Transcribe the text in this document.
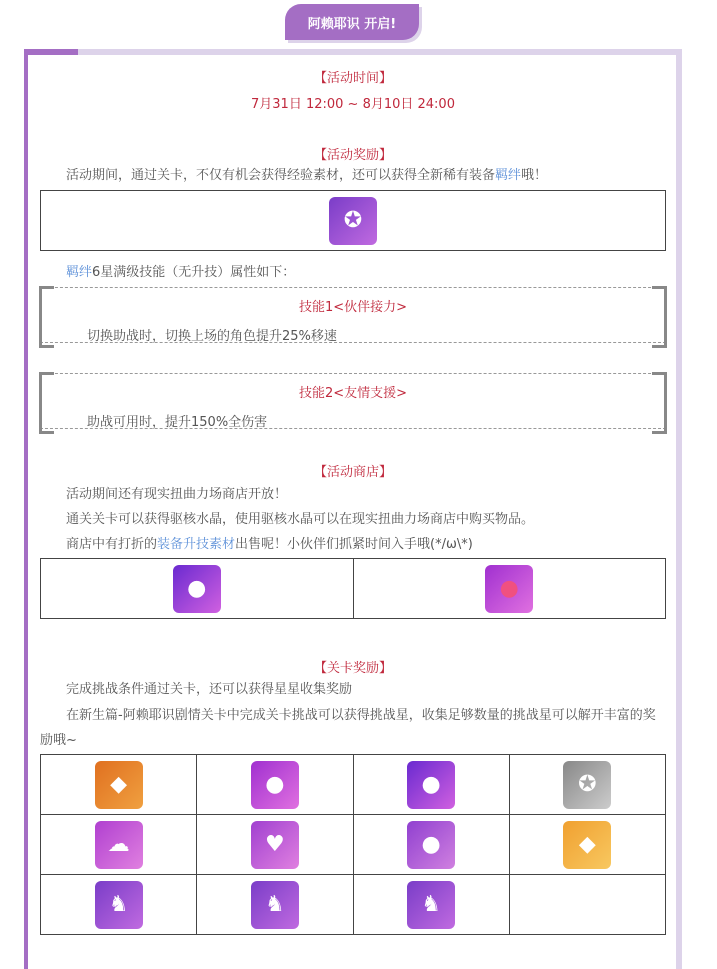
阿赖耶识 开启!
【活动时间】
7月31日 12:00 ~ 8月10日 24:00
【活动奖励】
活动期间，通过关卡，不仅有机会获得经验素材，还可以获得全新稀有装备羁绊哦！
✪
羁绊6星满级技能（无升技）属性如下：
技能1<伙伴接力>
切换助战时，切换上场的角色提升25%移速
技能2<友情支援>
助战可用时，提升150%全伤害
【活动商店】
活动期间还有现实扭曲力场商店开放！
通关关卡可以获得驱核水晶，使用驱核水晶可以在现实扭曲力场商店中购买物品。
商店中有打折的装备升技素材出售呢！小伙伴们抓紧时间入手哦(*/ω\*)
●	●
【关卡奖励】
完成挑战条件通过关卡，还可以获得星星收集奖励
在新生篇-阿赖耶识剧情关卡中完成关卡挑战可以获得挑战星，收集足够数量的挑战星可以解开丰富的奖励哦~
◆	●	●	✪
☁	♥	●	◆
♞	♞	♞	
